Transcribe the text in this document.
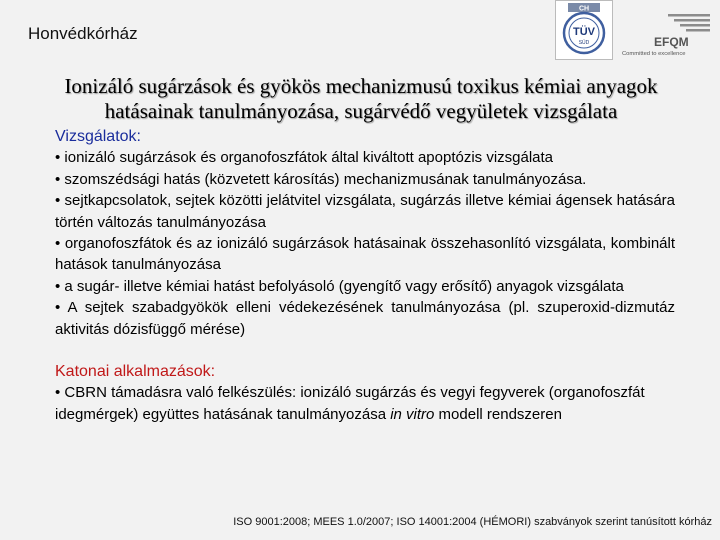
Honvédkórház
CH
TÜV
SÜD	EFQM
Committed to excellence
Ionizáló sugárzások és gyökös mechanizmusú toxikus kémiai anyagok hatásainak tanulmányozása, sugárvédő vegyületek vizsgálata
Vizsgálatok:
• ionizáló sugárzások és organofoszfátok által kiváltott apoptózis vizsgálata
• szomszédsági hatás (közvetett károsítás) mechanizmusának tanulmányozása.
• sejtkapcsolatok, sejtek közötti jelátvitel vizsgálata, sugárzás illetve kémiai ágensek hatására történ változás tanulmányozása
• organofoszfátok és az ionizáló sugárzások hatásainak összehasonlító vizsgálata, kombinált hatások tanulmányozása
• a sugár- illetve kémiai hatást befolyásoló (gyengítő vagy erősítő) anyagok vizsgálata
• A sejtek szabadgyökök elleni védekezésének tanulmányozása (pl. szuperoxid-dizmutáz aktivitás dózisfüggő mérése)
Katonai alkalmazások:
• CBRN támadásra való felkészülés: ionizáló sugárzás és vegyi fegyverek (organofoszfát idegmérgek) együttes hatásának tanulmányozása in vitro modell rendszeren
ISO 9001:2008; MEES 1.0/2007; ISO 14001:2004 (HÉMORI) szabványok szerint tanúsított kórház
